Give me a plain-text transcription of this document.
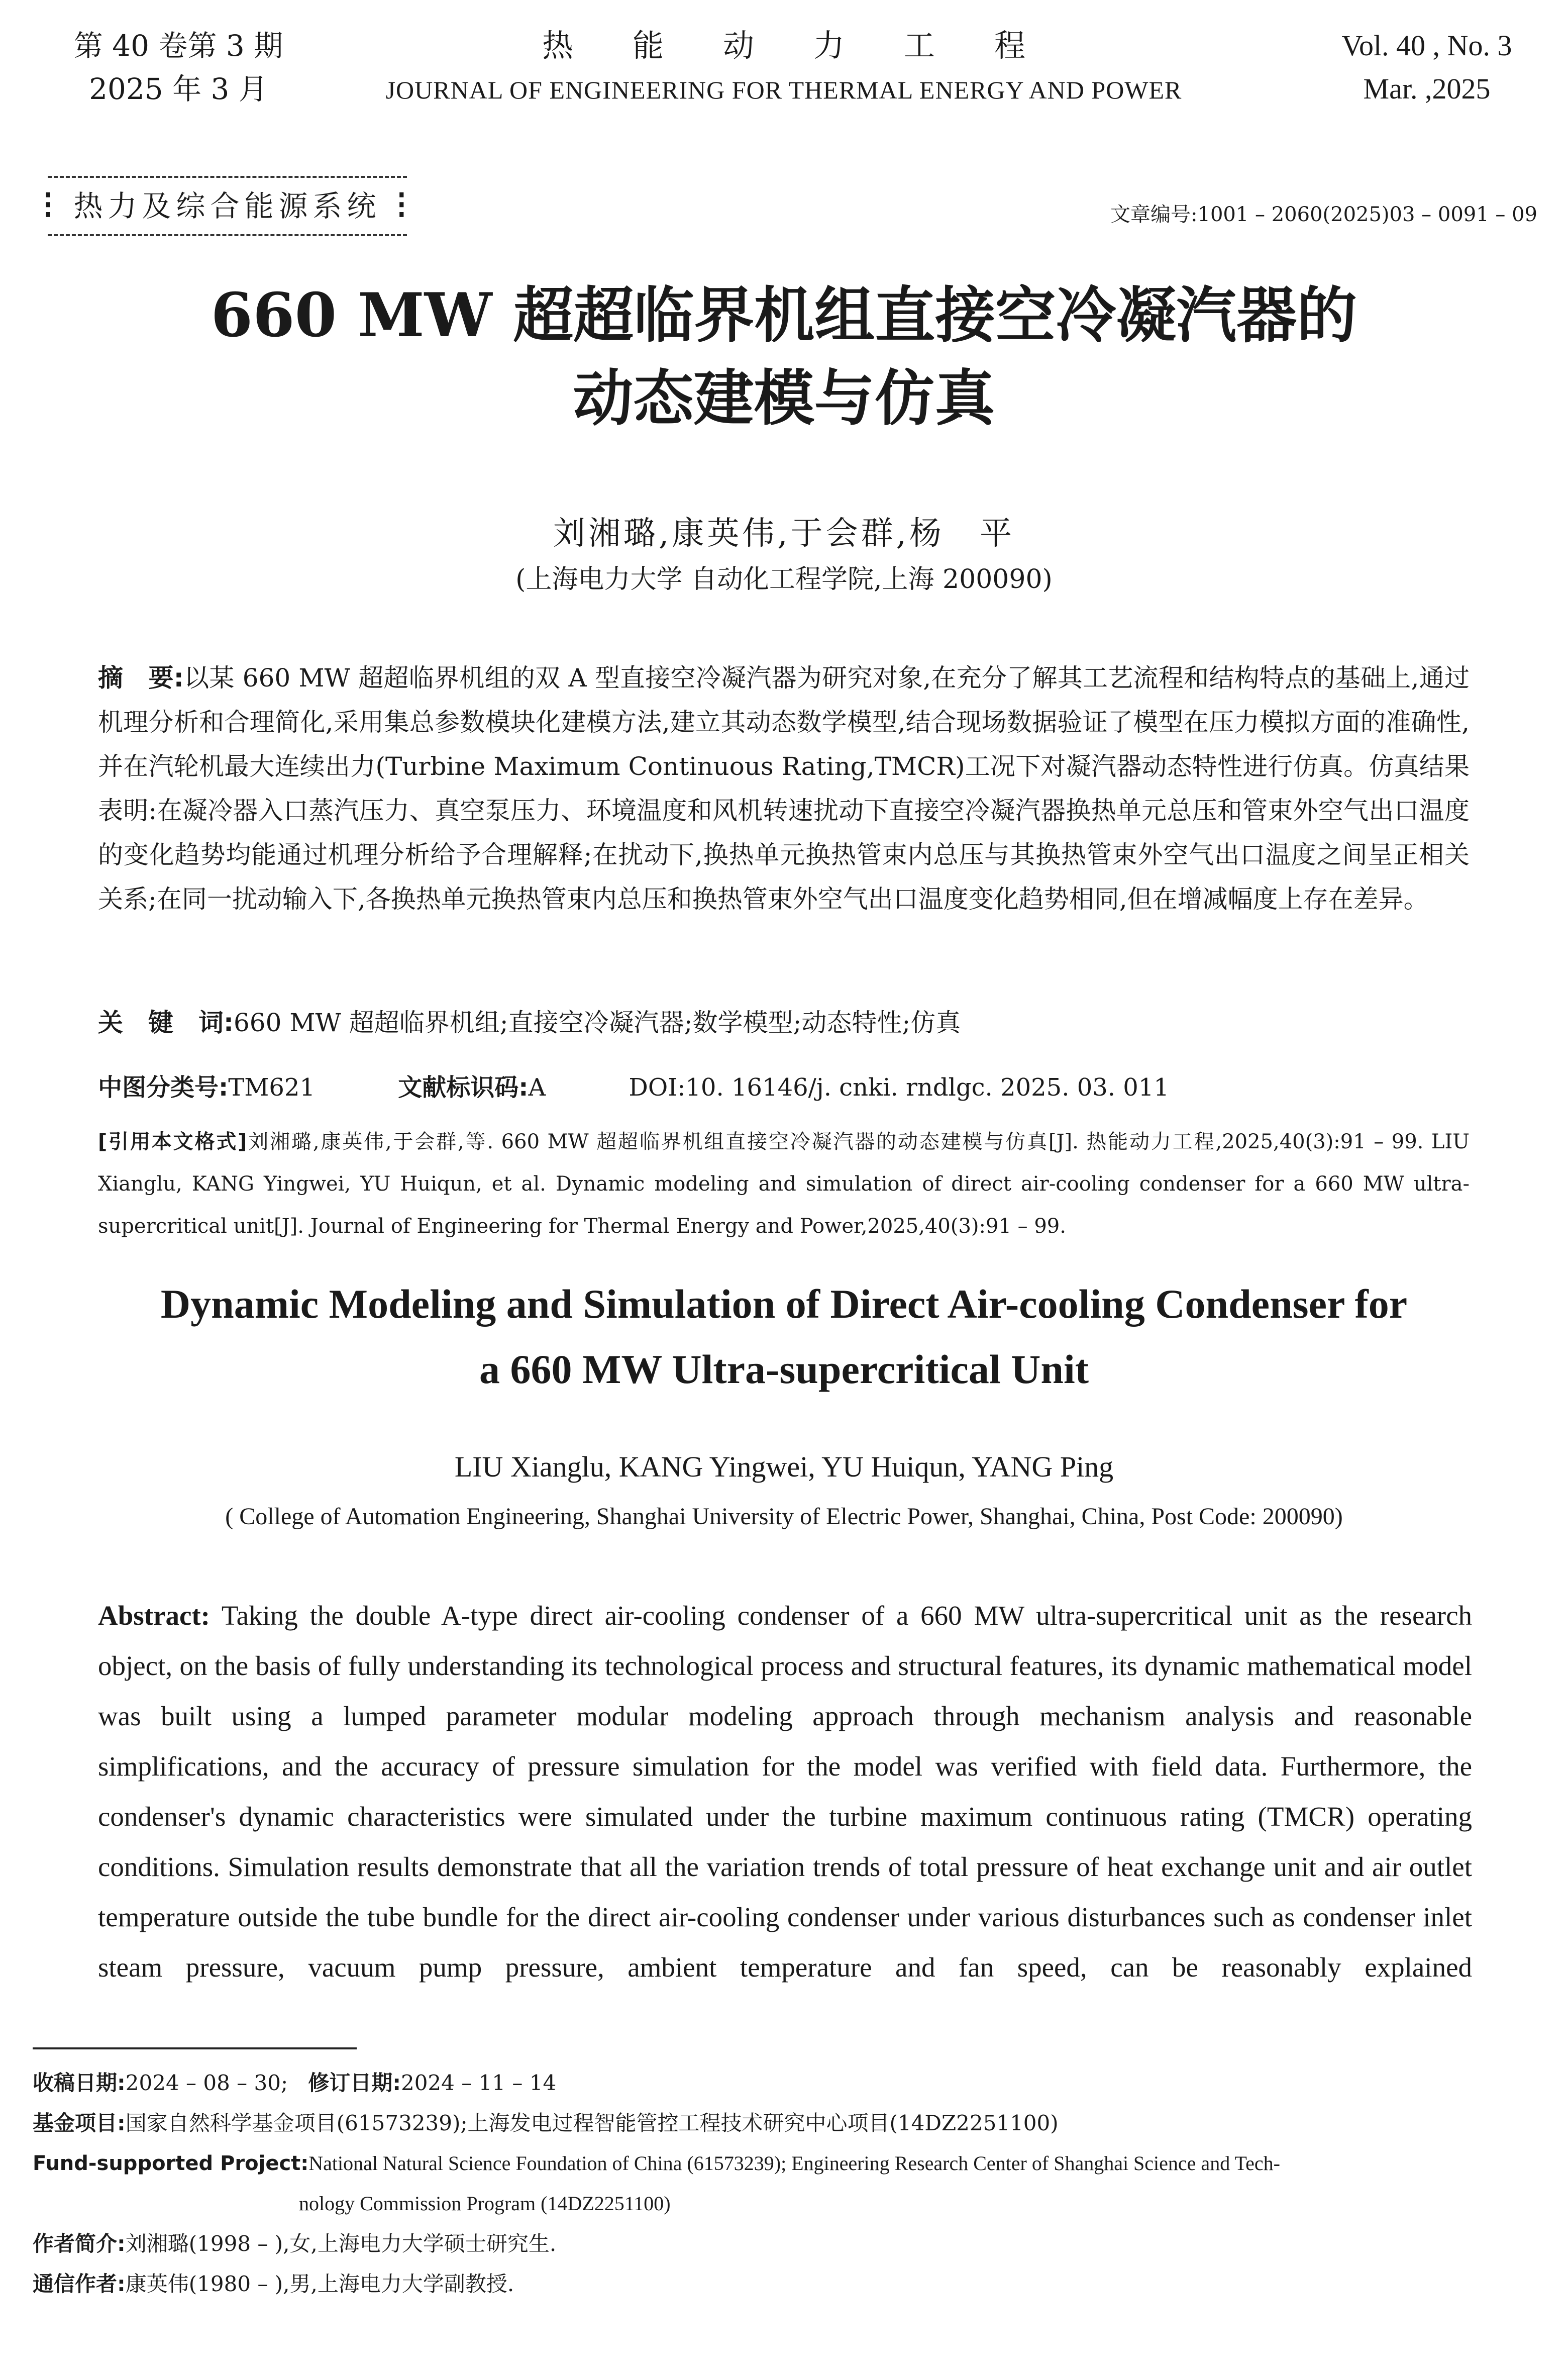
第 40 卷第 3 期
2025 年 3 月
热能动力工程
JOURNAL OF ENGINEERING FOR THERMAL ENERGY AND POWER
Vol. 40 , No. 3
Mar. ,2025
⁝ 热力及综合能源系统 ⁝	文章编号:1001 – 2060(2025)03 – 0091 – 09
660 MW 超超临界机组直接空冷凝汽器的
动态建模与仿真
刘湘璐,康英伟,于会群,杨　平
(上海电力大学 自动化工程学院,上海 200090)
摘　要:以某 660 MW 超超临界机组的双 A 型直接空冷凝汽器为研究对象,在充分了解其工艺流程和结构特点的基础上,通过机理分析和合理简化,采用集总参数模块化建模方法,建立其动态数学模型,结合现场数据验证了模型在压力模拟方面的准确性,并在汽轮机最大连续出力(Turbine Maximum Continuous Rating,TMCR)工况下对凝汽器动态特性进行仿真。仿真结果表明:在凝冷器入口蒸汽压力、真空泵压力、环境温度和风机转速扰动下直接空冷凝汽器换热单元总压和管束外空气出口温度的变化趋势均能通过机理分析给予合理解释;在扰动下,换热单元换热管束内总压与其换热管束外空气出口温度之间呈正相关关系;在同一扰动输入下,各换热单元换热管束内总压和换热管束外空气出口温度变化趋势相同,但在增减幅度上存在差异。
关　键　词:660 MW 超超临界机组;直接空冷凝汽器;数学模型;动态特性;仿真
中图分类号:TM621	文献标识码:A	DOI:10. 16146/j. cnki. rndlgc. 2025. 03. 011
[引用本文格式]刘湘璐,康英伟,于会群,等. 660 MW 超超临界机组直接空冷凝汽器的动态建模与仿真[J]. 热能动力工程,2025,40(3):91 – 99. LIU Xianglu, KANG Yingwei, YU Huiqun, et al. Dynamic modeling and simulation of direct air-cooling condenser for a 660 MW ultra-supercritical unit[J]. Journal of Engineering for Thermal Energy and Power,2025,40(3):91 – 99.
Dynamic Modeling and Simulation of Direct Air-cooling Condenser for
a 660 MW Ultra-supercritical Unit
LIU Xianglu, KANG Yingwei, YU Huiqun, YANG Ping
( College of Automation Engineering, Shanghai University of Electric Power, Shanghai, China, Post Code: 200090)
Abstract: Taking the double A-type direct air-cooling condenser of a 660 MW ultra-supercritical unit as the research object, on the basis of fully understanding its technological process and structural features, its dynamic mathematical model was built using a lumped parameter modular modeling approach through mechanism analysis and reasonable simplifications, and the accuracy of pressure simulation for the model was verified with field data. Furthermore, the condenser's dynamic characteristics were simulated under the turbine maximum continuous rating (TMCR) operating conditions. Simulation results demonstrate that all the variation trends of total pressure of heat exchange unit and air outlet temperature outside the tube bundle for the direct air-cooling condenser under various disturbances such as condenser inlet steam pressure, vacuum pump pressure, ambient temperature and fan speed, can be reasonably explained
收稿日期:2024 – 08 – 30; 修订日期:2024 – 11 – 14
基金项目:国家自然科学基金项目(61573239);上海发电过程智能管控工程技术研究中心项目(14DZ2251100)
Fund-supported Project:National Natural Science Foundation of China (61573239); Engineering Research Center of Shanghai Science and Tech-
nology Commission Program (14DZ2251100)
作者简介:刘湘璐(1998 – ),女,上海电力大学硕士研究生.
通信作者:康英伟(1980 – ),男,上海电力大学副教授.
